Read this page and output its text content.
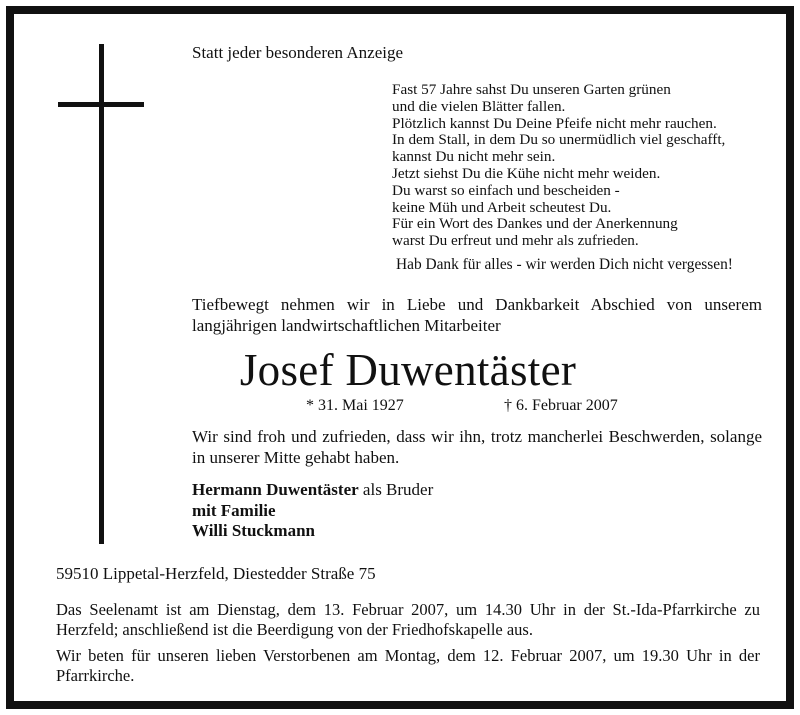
Statt jeder besonderen Anzeige
Fast 57 Jahre sahst Du unseren Garten grünen
und die vielen Blätter fallen.
Plötzlich kannst Du Deine Pfeife nicht mehr rauchen.
In dem Stall, in dem Du so unermüdlich viel geschafft,
kannst Du nicht mehr sein.
Jetzt siehst Du die Kühe nicht mehr weiden.
Du warst so einfach und bescheiden -
keine Müh und Arbeit scheutest Du.
Für ein Wort des Dankes und der Anerkennung
warst Du erfreut und mehr als zufrieden.
Hab Dank für alles - wir werden Dich nicht vergessen!
Tiefbewegt nehmen wir in Liebe und Dankbarkeit Abschied von unserem langjährigen landwirtschaftlichen Mitarbeiter
Josef Duwentäster
* 31. Mai 1927	† 6. Februar 2007
Wir sind froh und zufrieden, dass wir ihn, trotz mancherlei Beschwerden, solange in unserer Mitte gehabt haben.
Hermann Duwentäster als Bruder
mit Familie
Willi Stuckmann
59510 Lippetal-Herzfeld, Diestedder Straße 75
Das Seelenamt ist am Dienstag, dem 13. Februar 2007, um 14.30 Uhr in der St.-Ida-Pfarrkirche zu Herzfeld; anschließend ist die Beerdigung von der Friedhofskapelle aus.
Wir beten für unseren lieben Verstorbenen am Montag, dem 12. Februar 2007, um 19.30 Uhr in der Pfarrkirche.
